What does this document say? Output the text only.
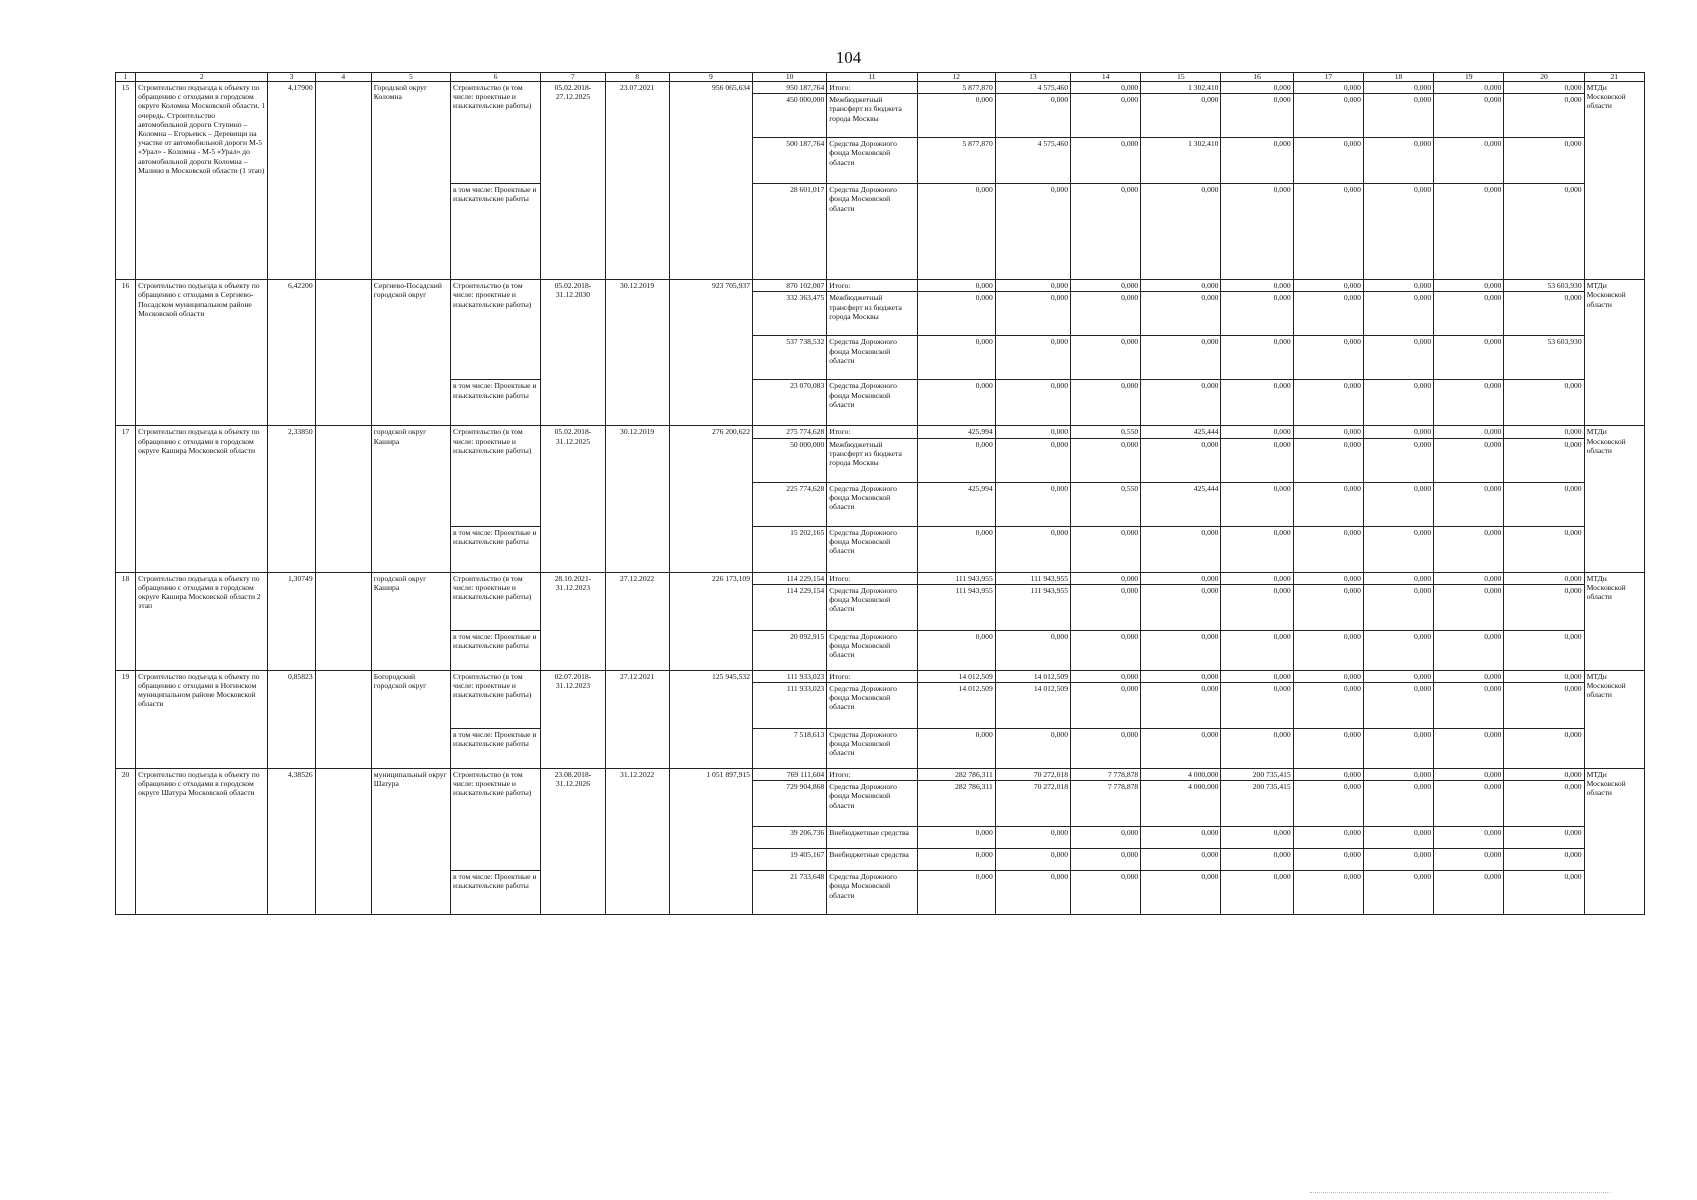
104
1	2	3	4	5	6	7	8	9	10	11	12	13	14	15	16	17	18	19	20	21
15	Строительство подъезда к объекту по обращению с отходами в городском округе Коломна Московской области. 1 очередь. Строительство автомобильной дороги Ступино – Коломна – Егорьевск – Деревищи на участке от автомобильной дороги М-5 «Урал» - Коломна - М-5 «Урал» до автомобильной дороги Коломна – Малино в Московской области (1 этап)	4,17900		Городской округ Коломна	Строительство (в том числе: проектные и изыскательские работы)	05.02.2018-27.12.2025	23.07.2021	956 065,634	950 187,764	Итого:	5 877,870	4 575,460	0,000	1 302,410	0,000	0,000	0,000	0,000	0,000	МТДи Московской области
									450 000,000	Межбюджетный трансферт из бюджета города Москвы	0,000	0,000	0,000	0,000	0,000	0,000	0,000	0,000	0,000	
									500 187,764	Средства Дорожного фонда Московской области	5 877,870	4 575,460	0,000	1 302,410	0,000	0,000	0,000	0,000	0,000	
					в том числе: Проектные и изыскательские работы				28 601,017	Средства Дорожного фонда Московской области	0,000	0,000	0,000	0,000	0,000	0,000	0,000	0,000	0,000	
16	Строительство подъезда к объекту по обращению с отходами в Сергиево-Посадском муниципальном районе Московской области	6,42200		Сергиево-Посадский городской округ	Строительство (в том числе: проектные и изыскательские работы)	05.02.2018-31.12.2030	30.12.2019	923 705,937	870 102,007	Итого:	0,000	0,000	0,000	0,000	0,000	0,000	0,000	0,000	53 603,930	МТДи Московской области
									332 363,475	Межбюджетный трансферт из бюджета города Москвы	0,000	0,000	0,000	0,000	0,000	0,000	0,000	0,000	0,000	
									537 738,532	Средства Дорожного фонда Московской области	0,000	0,000	0,000	0,000	0,000	0,000	0,000	0,000	53 603,930	
					в том числе: Проектные и изыскательские работы				23 070,083	Средства Дорожного фонда Московской области	0,000	0,000	0,000	0,000	0,000	0,000	0,000	0,000	0,000	
17	Строительство подъезда к объекту по обращению с отходами в городском округе Кашира Московской области	2,33850		городской округ Кашира	Строительство (в том числе: проектные и изыскательские работы)	05.02.2018-31.12.2025	30.12.2019	276 200,622	275 774,628	Итого:	425,994	0,000	0,550	425,444	0,000	0,000	0,000	0,000	0,000	МТДи Московской области
									50 000,000	Межбюджетный трансферт из бюджета города Москвы	0,000	0,000	0,000	0,000	0,000	0,000	0,000	0,000	0,000	
									225 774,628	Средства Дорожного фонда Московской области	425,994	0,000	0,550	425,444	0,000	0,000	0,000	0,000	0,000	
					в том числе: Проектные и изыскательские работы				15 202,165	Средства Дорожного фонда Московской области	0,000	0,000	0,000	0,000	0,000	0,000	0,000	0,000	0,000	
18	Строительство подъезда к объекту по обращению с отходами в городском округе Кашира Московской области 2 этап	1,30749		городской округ Кашира	Строительство (в том числе: проектные и изыскательские работы)	28.10.2021-31.12.2023	27.12.2022	226 173,109	114 229,154	Итого:	111 943,955	111 943,955	0,000	0,000	0,000	0,000	0,000	0,000	0,000	МТДи Московской области
									114 229,154	Средства Дорожного фонда Московской области	111 943,955	111 943,955	0,000	0,000	0,000	0,000	0,000	0,000	0,000	
					в том числе: Проектные и изыскательские работы				20 092,915	Средства Дорожного фонда Московской области	0,000	0,000	0,000	0,000	0,000	0,000	0,000	0,000	0,000	
19	Строительство подъезда к объекту по обращению с отходами в Ногинском муниципальном районе Московской области	0,85823		Богородский городской округ	Строительство (в том числе: проектные и изыскательские работы)	02.07.2018-31.12.2023	27.12.2021	125 945,532	111 933,023	Итого:	14 012,509	14 012,509	0,000	0,000	0,000	0,000	0,000	0,000	0,000	МТДи Московской области
									111 933,023	Средства Дорожного фонда Московской области	14 012,509	14 012,509	0,000	0,000	0,000	0,000	0,000	0,000	0,000	
					в том числе: Проектные и изыскательские работы				7 518,613	Средства Дорожного фонда Московской области	0,000	0,000	0,000	0,000	0,000	0,000	0,000	0,000	0,000	
20	Строительство подъезда к объекту по обращению с отходами в городском округе Шатура Московской области	4,38526		муниципальный округ Шатура	Строительство (в том числе: проектные и изыскательские работы)	23.08.2018-31.12.2026	31.12.2022	1 051 897,915	769 111,604	Итого:	282 786,311	70 272,018	7 778,878	4 000,000	200 735,415	0,000	0,000	0,000	0,000	МТДи Московской области
									729 904,868	Средства Дорожного фонда Московской области	282 786,311	70 272,018	7 778,878	4 000,000	200 735,415	0,000	0,000	0,000	0,000	
									39 206,736	Внебюджетные средства	0,000	0,000	0,000	0,000	0,000	0,000	0,000	0,000	0,000	
									19 405,167	Внебюджетные средства	0,000	0,000	0,000	0,000	0,000	0,000	0,000	0,000	0,000	
					в том числе: Проектные и изыскательские работы				21 733,648	Средства Дорожного фонда Московской области	0,000	0,000	0,000	0,000	0,000	0,000	0,000	0,000	0,000	
